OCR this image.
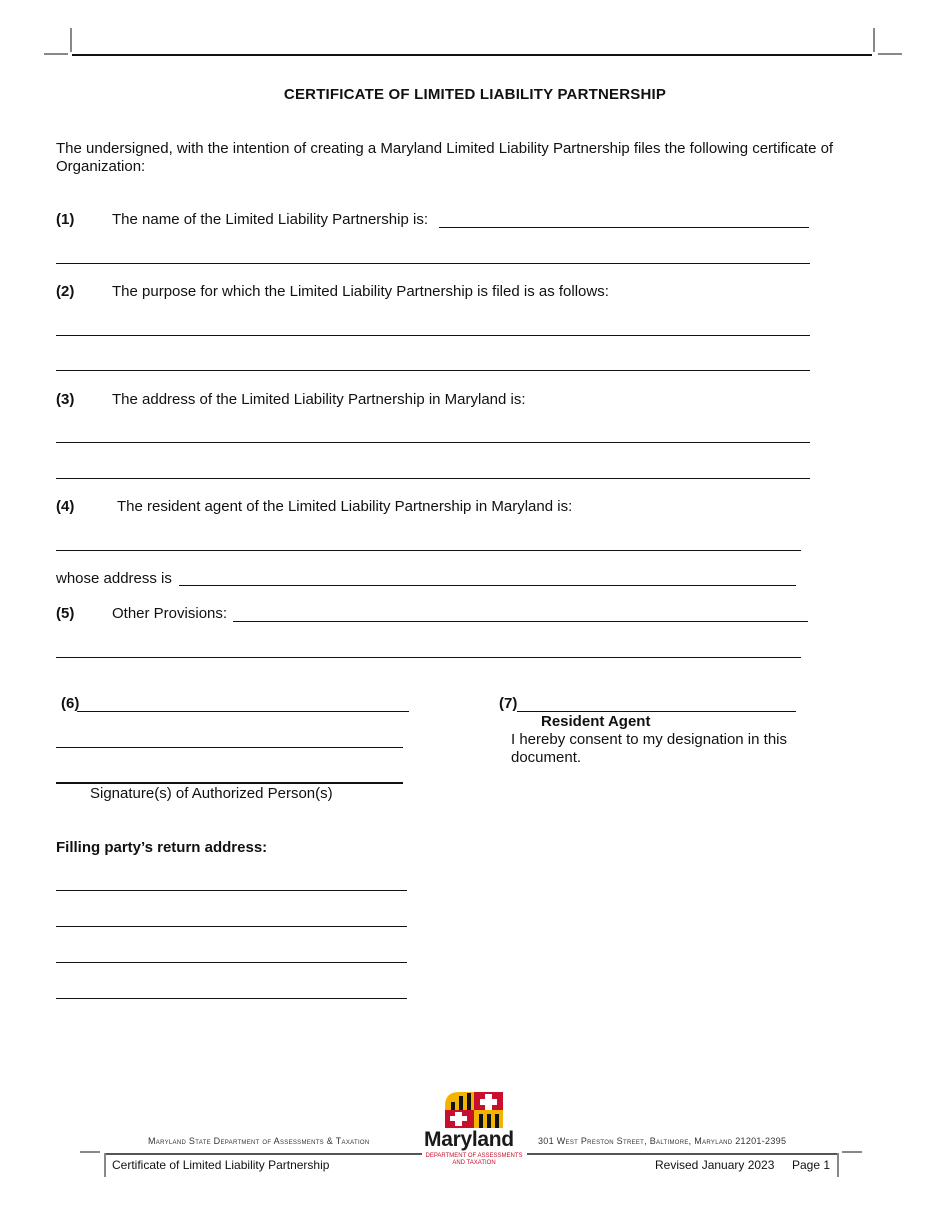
CERTIFICATE OF LIMITED LIABILITY PARTNERSHIP
The undersigned, with the intention of creating a Maryland Limited Liability Partnership files the following certificate of Organization:
(1)	The name of the Limited Liability Partnership is:
(2)	The purpose for which the Limited Liability Partnership is filed is as follows:
(3)	The address of the Limited Liability Partnership in Maryland is:
(4)	The resident agent of the Limited Liability Partnership in Maryland is:
whose address is
(5)	Other Provisions:
(6)
Signature(s) of Authorized Person(s)
(7)
Resident Agent
I hereby consent to my designation in this document.
Filling party’s return address:
Maryland State Department of Assessments & Taxation	Maryland
DEPARTMENT OF ASSESSMENTS AND TAXATION
301 West Preston Street, Baltimore, Maryland 21201-2395
Certificate of Limited Liability Partnership	Revised January 2023 Page 1
